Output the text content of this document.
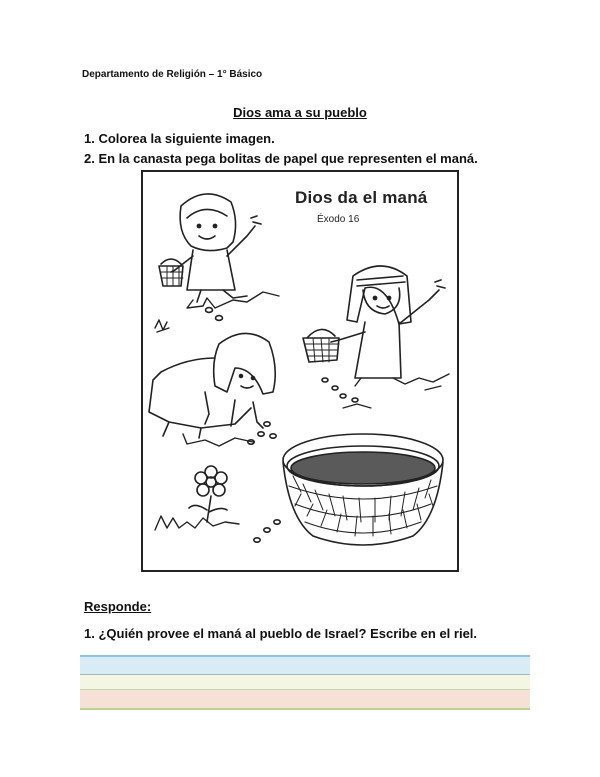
Departamento de Religión – 1° Básico
Dios ama a su pueblo
1. Colorea la siguiente imagen.
2. En la canasta pega bolitas de papel que representen el maná.
Dios da el maná
Éxodo 16
Responde:
1. ¿Quién provee el maná al pueblo de Israel? Escribe en el riel.
